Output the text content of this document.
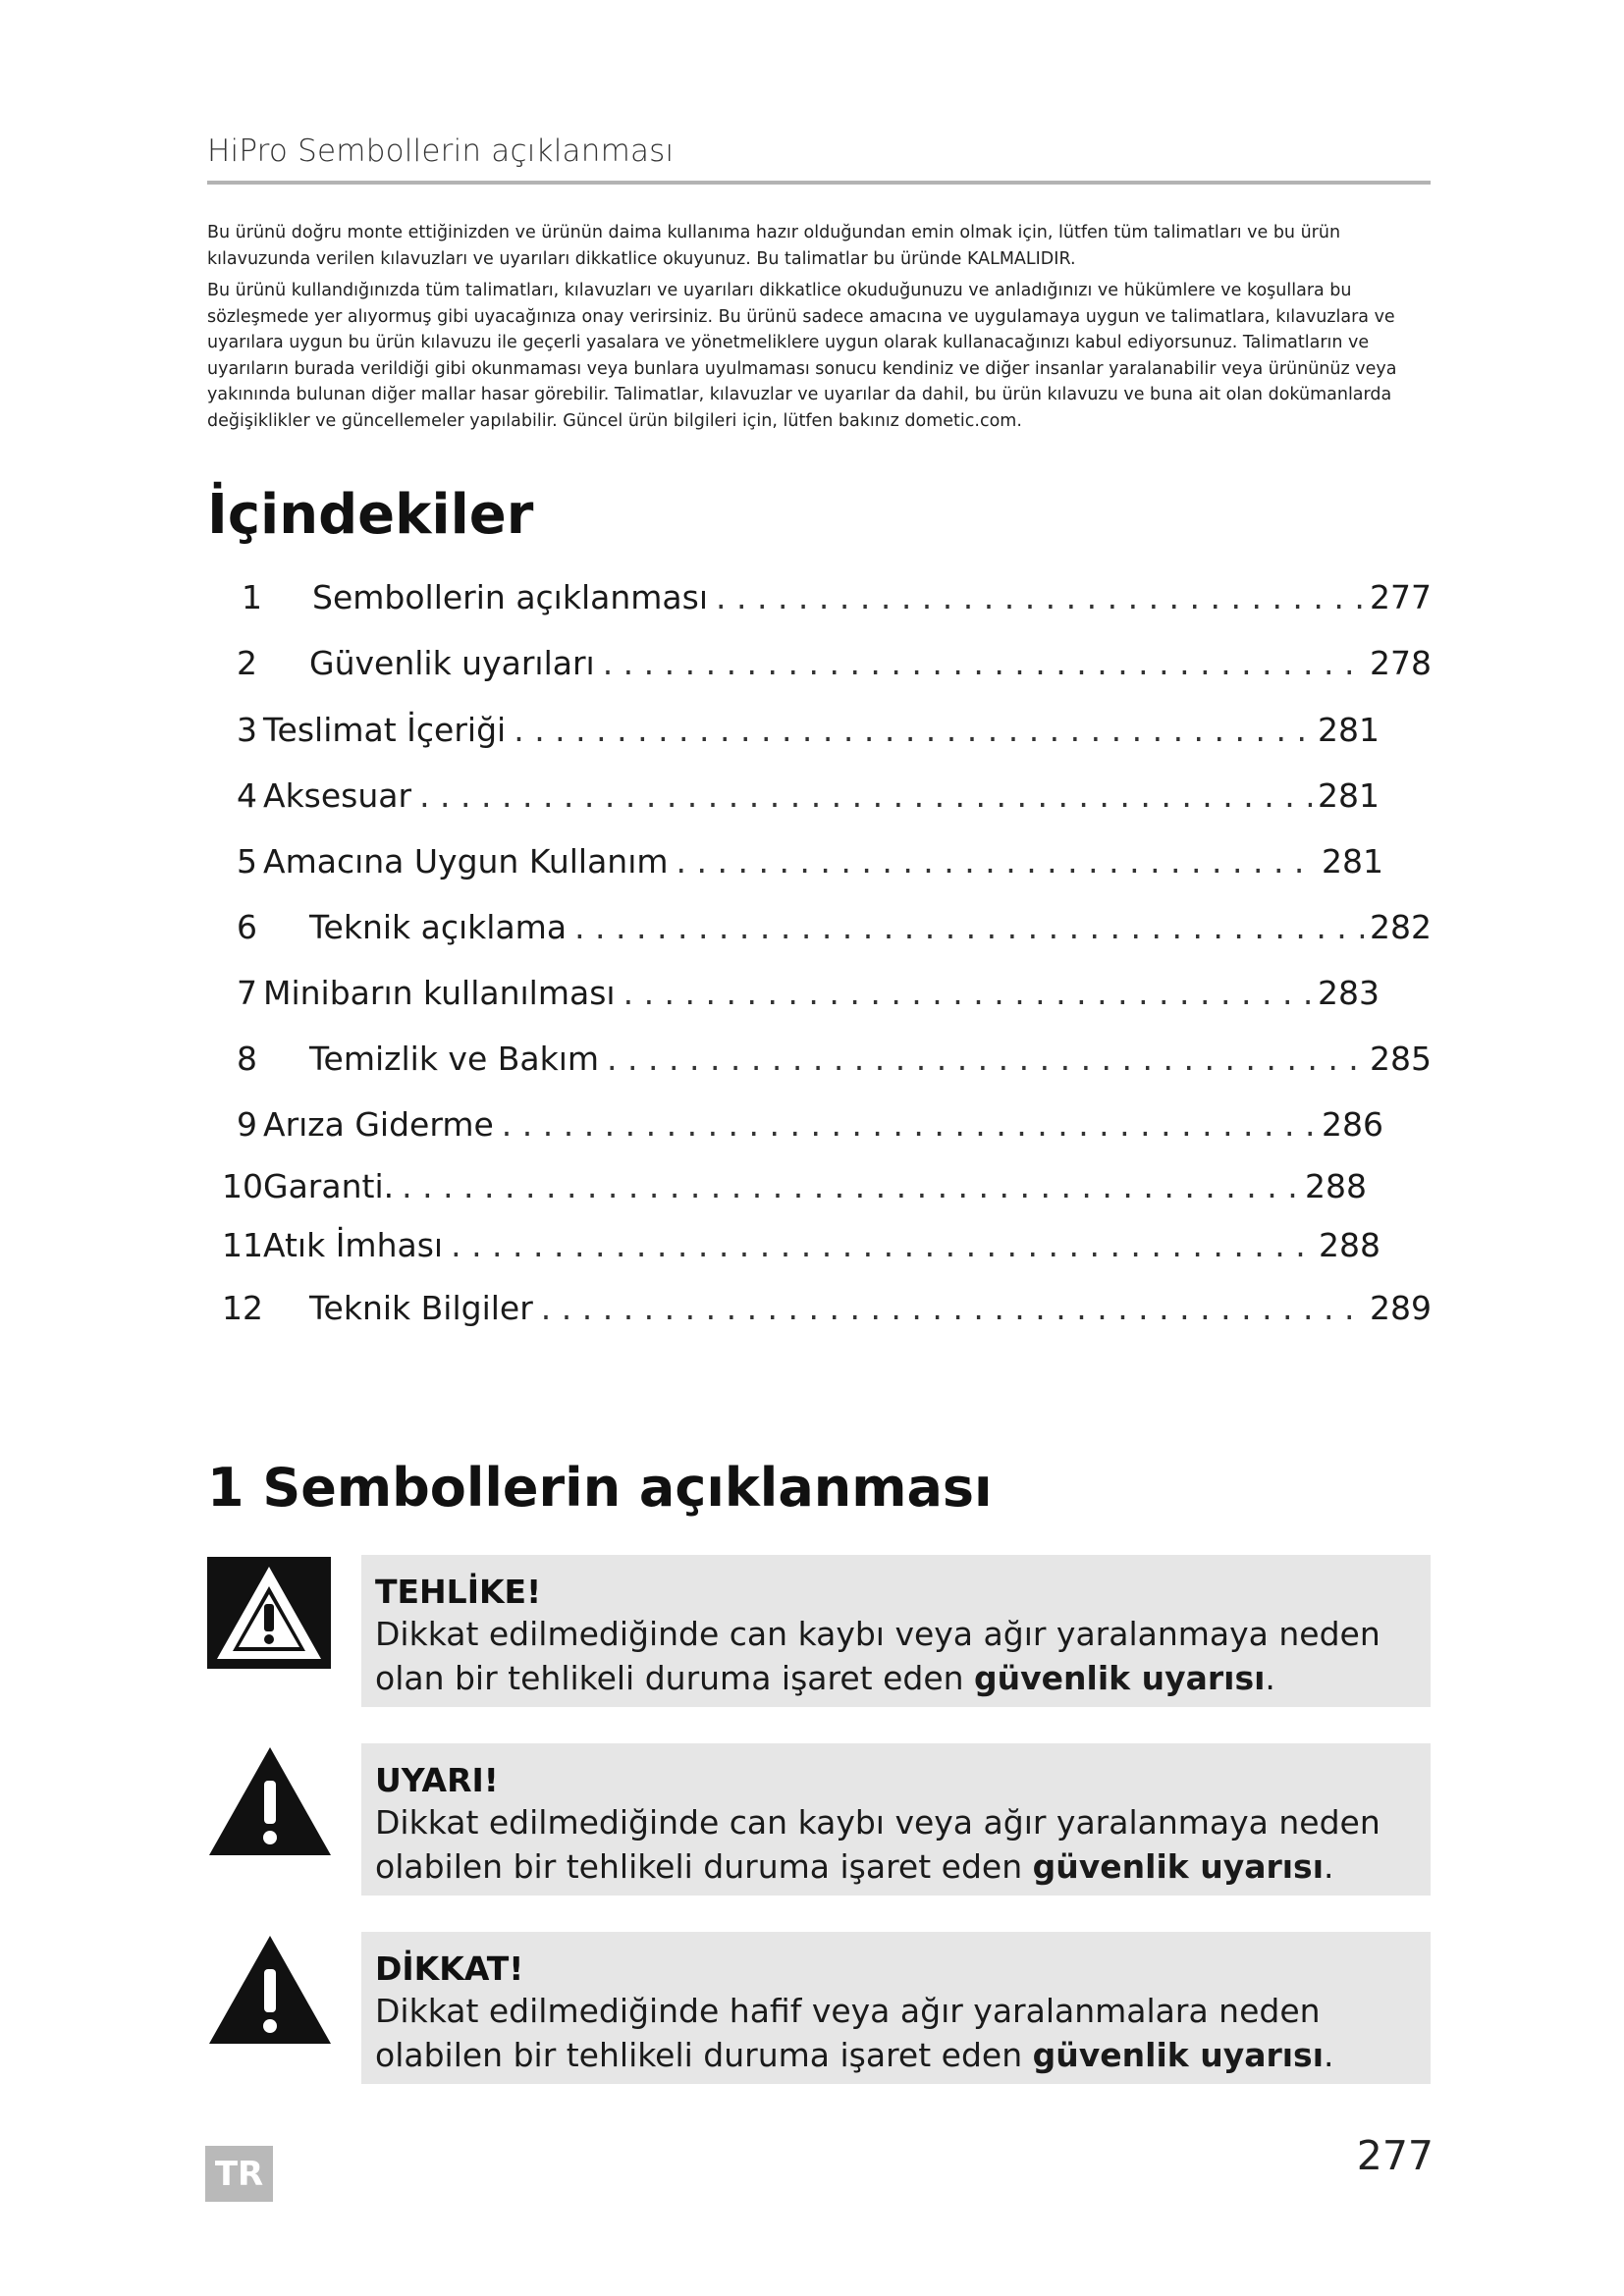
HiPro Sembollerin açıklanması

Bu ürünü doğru monte ettiğinizden ve ürünün daima kullanıma hazır olduğundan emin olmak için, lütfen tüm talimatları ve bu ürün kılavuzunda verilen kılavuzları ve uyarıları dikkatlice okuyunuz. Bu talimatlar bu üründe KALMALIDIR.

Bu ürünü kullandığınızda tüm talimatları, kılavuzları ve uyarıları dikkatlice okuduğunuzu ve anladığınızı ve hükümlere ve koşullara bu sözleşmede yer alıyormuş gibi uyacağınıza onay verirsiniz. Bu ürünü sadece amacına ve uygulamaya uygun ve talimatlara, kılavuzlara ve uyarılara uygun bu ürün kılavuzu ile geçerli yasalara ve yönetmeliklere uygun olarak kullanacağınızı kabul ediyorsunuz. Talimatların ve uyarıların burada verildiği gibi okunmaması veya bunlara uyulmaması sonucu kendiniz ve diğer insanlar yaralanabilir veya ürününüz veya yakınında bulunan diğer mallar hasar görebilir. Talimatlar, kılavuzlar ve uyarılar da dahil, bu ürün kılavuzu ve buna ait olan dokümanlarda değişiklikler ve güncellemeler yapılabilir. Güncel ürün bilgileri için, lütfen bakınız dometic.com.

İçindekiler
1	Sembollerin açıklanması . . .	277
2	Güvenlik uyarıları . . .	278
3 Teslimat İçeriği . . .	281
4 Aksesuar . . .	281
5 Amacına Uygun Kullanım . . .	281
6	Teknik açıklama . . .	282
7 Minibarın kullanılması . . .	283
8	Temizlik ve Bakım . . .	285
9 Arıza Giderme . . .	286
10 Garanti. . . .	288
11 Atık İmhası . . .	288
12	Teknik Bilgiler . . .	289
1 Sembollerin açıklanması
TEHLİKE!
Dikkat edilmediğinde can kaybı veya ağır yaralanmaya neden olan bir tehlikeli duruma işaret eden güvenlik uyarısı.
UYARI!
Dikkat edilmediğinde can kaybı veya ağır yaralanmaya neden olabilen bir tehlikeli duruma işaret eden güvenlik uyarısı.
DİKKAT!
Dikkat edilmediğinde hafif veya ağır yaralanmalara neden olabilen bir tehlikeli duruma işaret eden güvenlik uyarısı.
TR	277
